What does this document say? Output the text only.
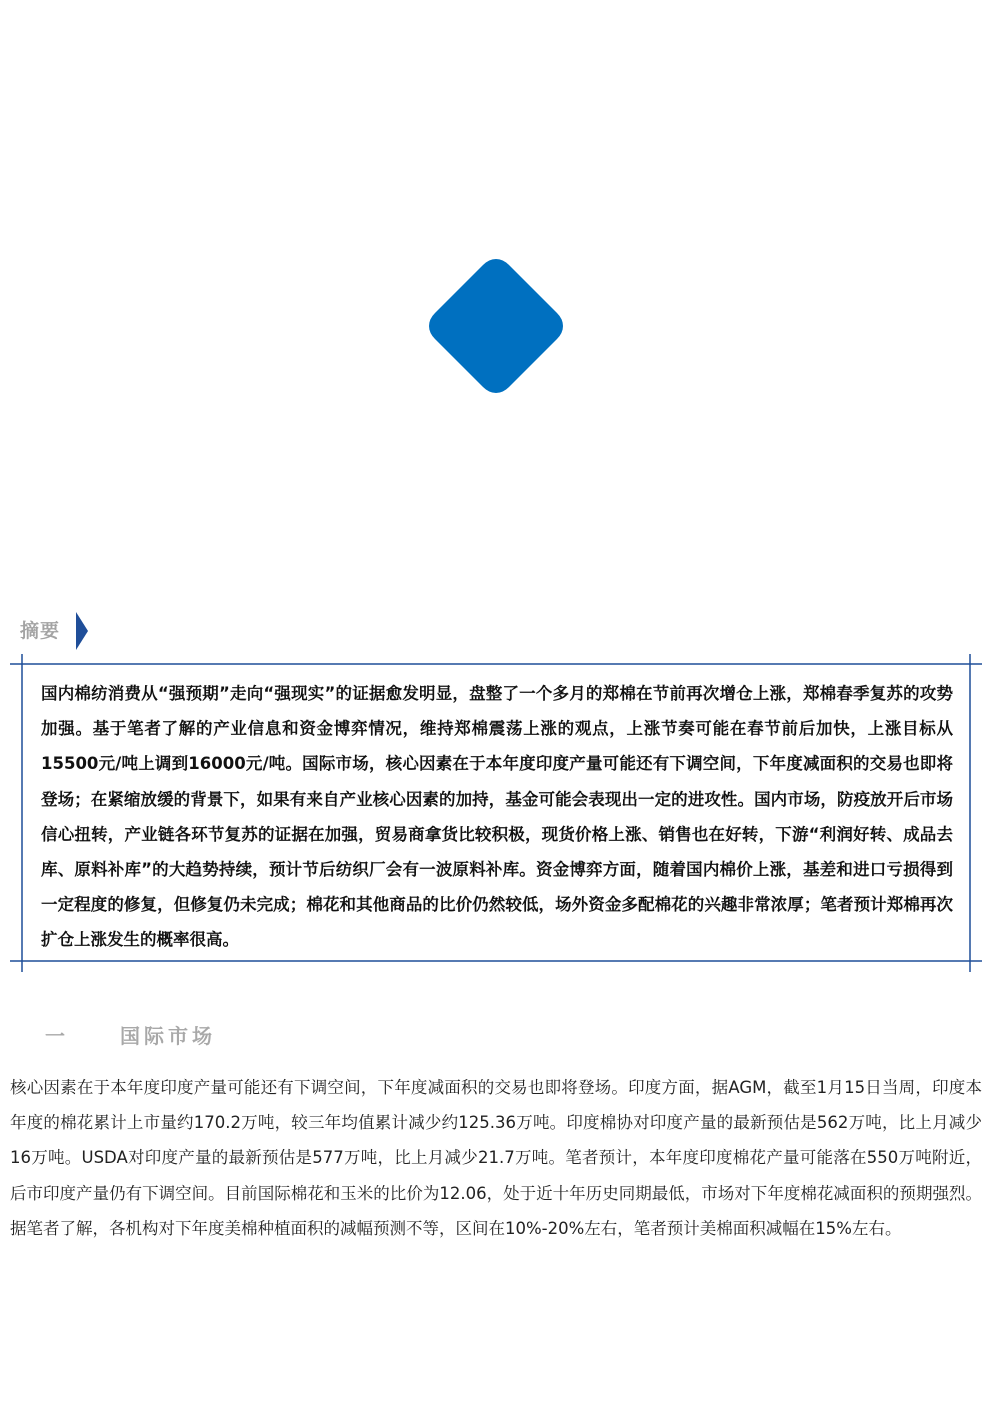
摘要
国内棉纺消费从“强预期”走向“强现实”的证据愈发明显，盘整了一个多月的郑棉在节前再次增仓上涨，郑棉春季复苏的攻势加强。基于笔者了解的产业信息和资金博弈情况，维持郑棉震荡上涨的观点，上涨节奏可能在春节前后加快，上涨目标从15500元/吨上调到16000元/吨。国际市场，核心因素在于本年度印度产量可能还有下调空间，下年度减面积的交易也即将登场；在紧缩放缓的背景下，如果有来自产业核心因素的加持，基金可能会表现出一定的进攻性。国内市场，防疫放开后市场信心扭转，产业链各环节复苏的证据在加强，贸易商拿货比较积极，现货价格上涨、销售也在好转，下游“利润好转、成品去库、原料补库”的大趋势持续，预计节后纺织厂会有一波原料补库。资金博弈方面，随着国内棉价上涨，基差和进口亏损得到一定程度的修复，但修复仍未完成；棉花和其他商品的比价仍然较低，场外资金多配棉花的兴趣非常浓厚；笔者预计郑棉再次扩仓上涨发生的概率很高。
一	国际市场
核心因素在于本年度印度产量可能还有下调空间，下年度减面积的交易也即将登场。印度方面，据AGM，截至1月15日当周，印度本年度的棉花累计上市量约170.2万吨，较三年均值累计减少约125.36万吨。印度棉协对印度产量的最新预估是562万吨，比上月减少16万吨。USDA对印度产量的最新预估是577万吨，比上月减少21.7万吨。笔者预计，本年度印度棉花产量可能落在550万吨附近，后市印度产量仍有下调空间。目前国际棉花和玉米的比价为12.06，处于近十年历史同期最低，市场对下年度棉花减面积的预期强烈。据笔者了解，各机构对下年度美棉种植面积的减幅预测不等，区间在10%-20%左右，笔者预计美棉面积减幅在15%左右。
